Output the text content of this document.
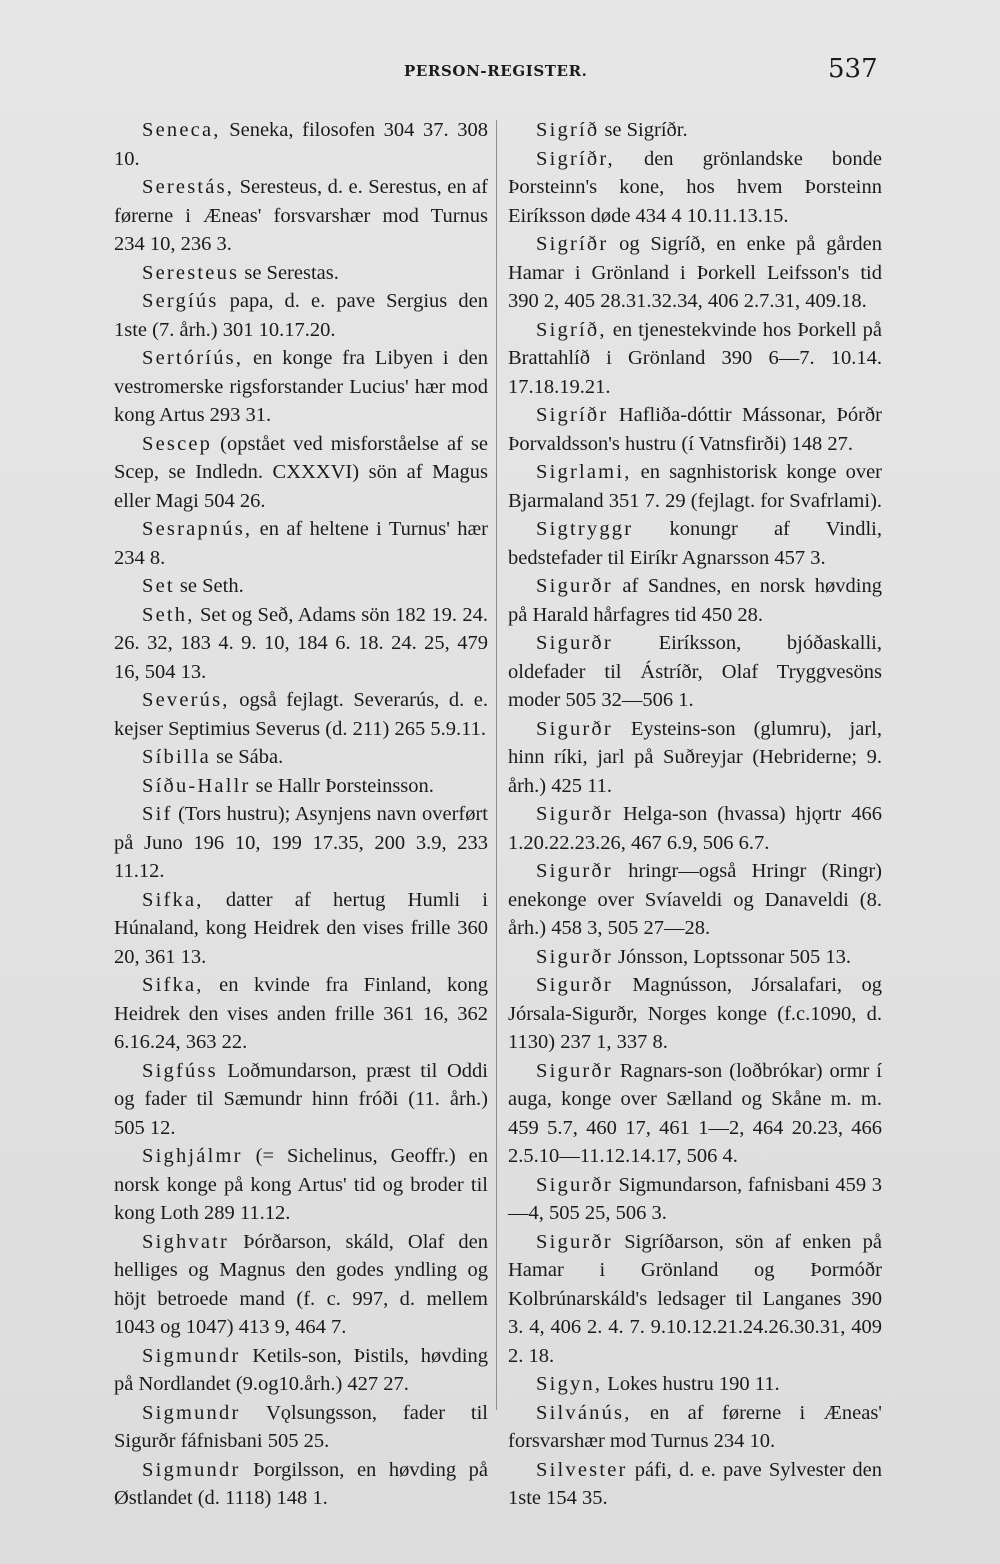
PERSON-REGISTER.	537

Seneca, Seneka, filosofen 304 37. 308 10.

Serestás, Seresteus, d. e. Serestus, en af førerne i Æneas' forsvarshær mod Turnus 234 10, 236 3.

Seresteus se Serestas.

Sergíús papa, d. e. pave Sergius den 1ste (7. årh.) 301 10.17.20.

Sertóríús, en konge fra Libyen i den vestromerske rigsforstander Lucius' hær mod kong Artus 293 31.

Sescep (opstået ved misforståelse af se Scep, se Indledn. CXXXVI) sön af Magus eller Magi 504 26.

Sesrapnús, en af heltene i Turnus' hær 234 8.

Set se Seth.

Seth, Set og Seð, Adams sön 182 19. 24. 26. 32, 183 4. 9. 10, 184 6. 18. 24. 25, 479 16, 504 13.

Severús, også fejlagt. Severarús, d. e. kejser Septimius Severus (d. 211) 265 5.9.11.

Síbilla se Sába.

Síðu-Hallr se Hallr Þorsteinsson.

Sif (Tors hustru); Asynjens navn overført på Juno 196 10, 199 17.35, 200 3.9, 233 11.12.

Sifka, datter af hertug Humli i Húnaland, kong Heidrek den vises frille 360 20, 361 13.

Sifka, en kvinde fra Finland, kong Heidrek den vises anden frille 361 16, 362 6.16.24, 363 22.

Sigfúss Loðmundarson, præst til Oddi og fader til Sæmundr hinn fróði (11. årh.) 505 12.

Sighjálmr (= Sichelinus, Geoffr.) en norsk konge på kong Artus' tid og broder til kong Loth 289 11.12.

Sighvatr Þórðarson, skáld, Olaf den helliges og Magnus den godes yndling og höjt betroede mand (f. c. 997, d. mellem 1043 og 1047) 413 9, 464 7.

Sigmundr Ketils-son, Þistils, høvding på Nordlandet (9.og10.årh.) 427 27.

Sigmundr Vǫlsungsson, fader til Sigurðr fáfnisbani 505 25.

Sigmundr Þorgilsson, en høvding på Østlandet (d. 1118) 148 1.

Sigríð se Sigríðr.

Sigríðr, den grönlandske bonde Þorsteinn's kone, hos hvem Þorsteinn Eiríksson døde 434 4 10.11.13.15.

Sigríðr og Sigríð, en enke på gården Hamar i Grönland i Þorkell Leifsson's tid 390 2, 405 28.31.32.34, 406 2.7.31, 409.18.

Sigríð, en tjenestekvinde hos Þorkell på Brattahlíð i Grönland 390 6—7. 10.14. 17.18.19.21.

Sigríðr Hafliða-dóttir Mássonar, Þórðr Þorvaldsson's hustru (í Vatnsfirði) 148 27.

Sigrlami, en sagnhistorisk konge over Bjarmaland 351 7. 29 (fejlagt. for Svafrlami).

Sigtryggr konungr af Vindli, bedstefader til Eiríkr Agnarsson 457 3.

Sigurðr af Sandnes, en norsk høvding på Harald hårfagres tid 450 28.

Sigurðr Eiríksson, bjóðaskalli, oldefader til Ástríðr, Olaf Tryggvesöns moder 505 32—506 1.

Sigurðr Eysteins-son (glumru), jarl, hinn ríki, jarl på Suðreyjar (Hebriderne; 9. årh.) 425 11.

Sigurðr Helga-son (hvassa) hjǫrtr 466 1.20.22.23.26, 467 6.9, 506 6.7.

Sigurðr hringr—også Hringr (Ringr) enekonge over Svíaveldi og Danaveldi (8. årh.) 458 3, 505 27—28.

Sigurðr Jónsson, Loptssonar 505 13.

Sigurðr Magnússon, Jórsalafari, og Jórsala-Sigurðr, Norges konge (f.c.1090, d. 1130) 237 1, 337 8.

Sigurðr Ragnars-son (loðbrókar) ormr í auga, konge over Sælland og Skåne m. m. 459 5.7, 460 17, 461 1—2, 464 20.23, 466 2.5.10—11.12.14.17, 506 4.

Sigurðr Sigmundarson, fafnisbani 459 3—4, 505 25, 506 3.

Sigurðr Sigríðarson, sön af enken på Hamar i Grönland og Þormóðr Kolbrúnarskáld's ledsager til Langanes 390 3. 4, 406 2. 4. 7. 9.10.12.21.24.26.30.31, 409 2. 18.

Sigyn, Lokes hustru 190 11.

Silvánús, en af førerne i Æneas' forsvarshær mod Turnus 234 10.

Silvester páfi, d. e. pave Sylvester den 1ste 154 35.
